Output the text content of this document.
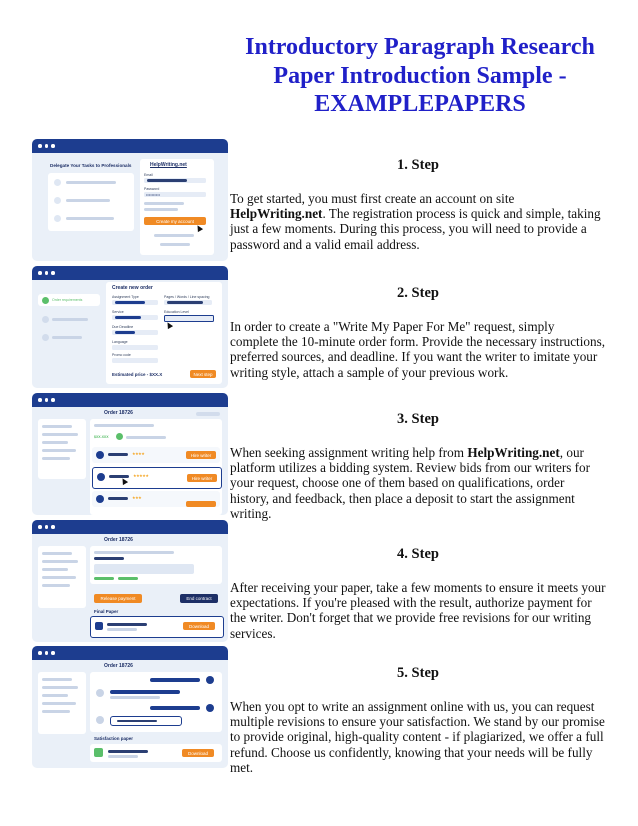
Introductory Paragraph Research Paper Introduction Sample - EXAMPLEPAPERS
Delegate Your Tasks to Professionals	HelpWriting.net
Email
Password
••••••••••
Create my account

1. Step

To get started, you must first create an account on site HelpWriting.net. The registration process is quick and simple, taking just a few moments. During this process, you will need to provide a password and a valid email address.

Order requirements
Create new order
Assignment Type	Pages / Words / Line spacing
Service	Education Level
Due Deadline
Language
Promo code
Estimated price - $XX.X	Next step

2. Step

In order to create a "Write My Paper For Me" request, simply complete the 10-minute order form. Provide the necessary instructions, preferred sources, and deadline. If you want the writer to imitate your writing style, attach a sample of your previous work.

Order 18726
$XX.XXX
★★★★	Hire writer
★★★★★	Hire writer
★★★

3. Step

When seeking assignment writing help from HelpWriting.net, our platform utilizes a bidding system. Review bids from our writers for your request, choose one of them based on qualifications, order history, and feedback, then place a deposit to start the assignment writing.

Order 18726
Release payment	End contract
Final Paper
Download

4. Step

After receiving your paper, take a few moments to ensure it meets your expectations. If you're pleased with the result, authorize payment for the writer. Don't forget that we provide free revisions for our writing services.

Order 18726
Satisfaction paper
Download

5. Step

When you opt to write an assignment online with us, you can request multiple revisions to ensure your satisfaction. We stand by our promise to provide original, high-quality content - if plagiarized, we offer a full refund. Choose us confidently, knowing that your needs will be fully met.
